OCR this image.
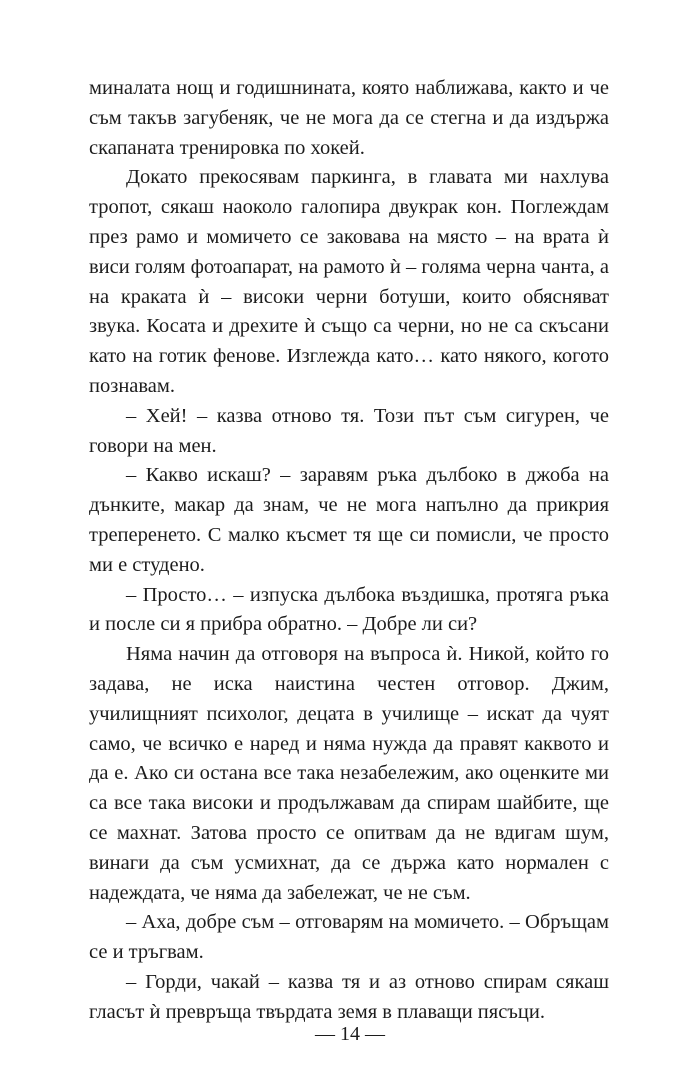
миналата нощ и годишнината, която наближава, както и че съм такъв загубеняк, че не мога да се стегна и да издържа скапаната тренировка по хокей.

Докато прекосявам паркинга, в главата ми нахлува тропот, сякаш наоколо галопира двукрак кон. Поглеждам през рамо и момичето се заковава на място – на врата ѝ виси голям фотоапарат, на рамото ѝ – голяма черна чанта, а на краката ѝ – високи черни ботуши, които обясняват звука. Косата и дрехите ѝ също са черни, но не са скъсани като на готик фенове. Изглежда като… като някого, когото познавам.

– Хей! – казва отново тя. Този път съм сигурен, че говори на мен.

– Какво искаш? – заравям ръка дълбоко в джоба на дънките, макар да знам, че не мога напълно да прикрия треперенето. С малко късмет тя ще си помисли, че просто ми е студено.

– Просто… – изпуска дълбока въздишка, протяга ръка и после си я прибра обратно. – Добре ли си?

Няма начин да отговоря на въпроса ѝ. Никой, който го задава, не иска наистина честен отговор. Джим, училищният психолог, децата в училище – искат да чуят само, че всичко е наред и няма нужда да правят каквото и да е. Ако си остана все така незабележим, ако оценките ми са все така високи и продължавам да спирам шайбите, ще се махнат. Затова просто се опитвам да не вдигам шум, винаги да съм усмихнат, да се държа като нормален с надеждата, че няма да забележат, че не съм.

– Аха, добре съм – отговарям на момичето. – Обръщам се и тръгвам.

– Горди, чакай – казва тя и аз отново спирам сякаш гласът ѝ превръща твърдата земя в плаващи пясъци.

— 14 —
